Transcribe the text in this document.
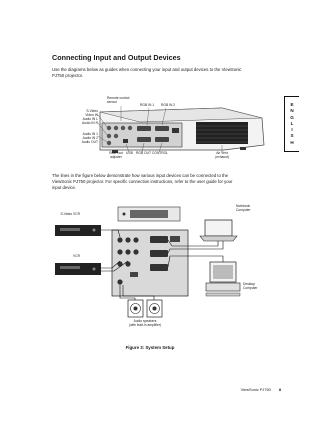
E
N
G
L
I
S
H
Connecting Input and Output Devices
Use the diagrams below as guides when connecting your input and output devices to the ViewSonic
PJ750 projector.
Remote control
sensor
RGB IN 1 RGB IN 2
S-Video
Video IN
Audio IN L
Audio IN R
Audio IN 1
Audio IN 2
Audio OUT
Rear foot
adjuster
USB RGB OUT CONTROL	Air Vent
(exhaust)
The lines in the figure below demonstrate how various input devices can be connected to the
ViewSonic PJ750 projector. For specific connection instructions, refer to the user guide for your
input device.
S-Video VCR
VCR
Notebook
Computer
Desktop
Computer
Audio speakers
(with built-in amplifier)
Figure 3: System Setup
ViewSonic PJ750 8
